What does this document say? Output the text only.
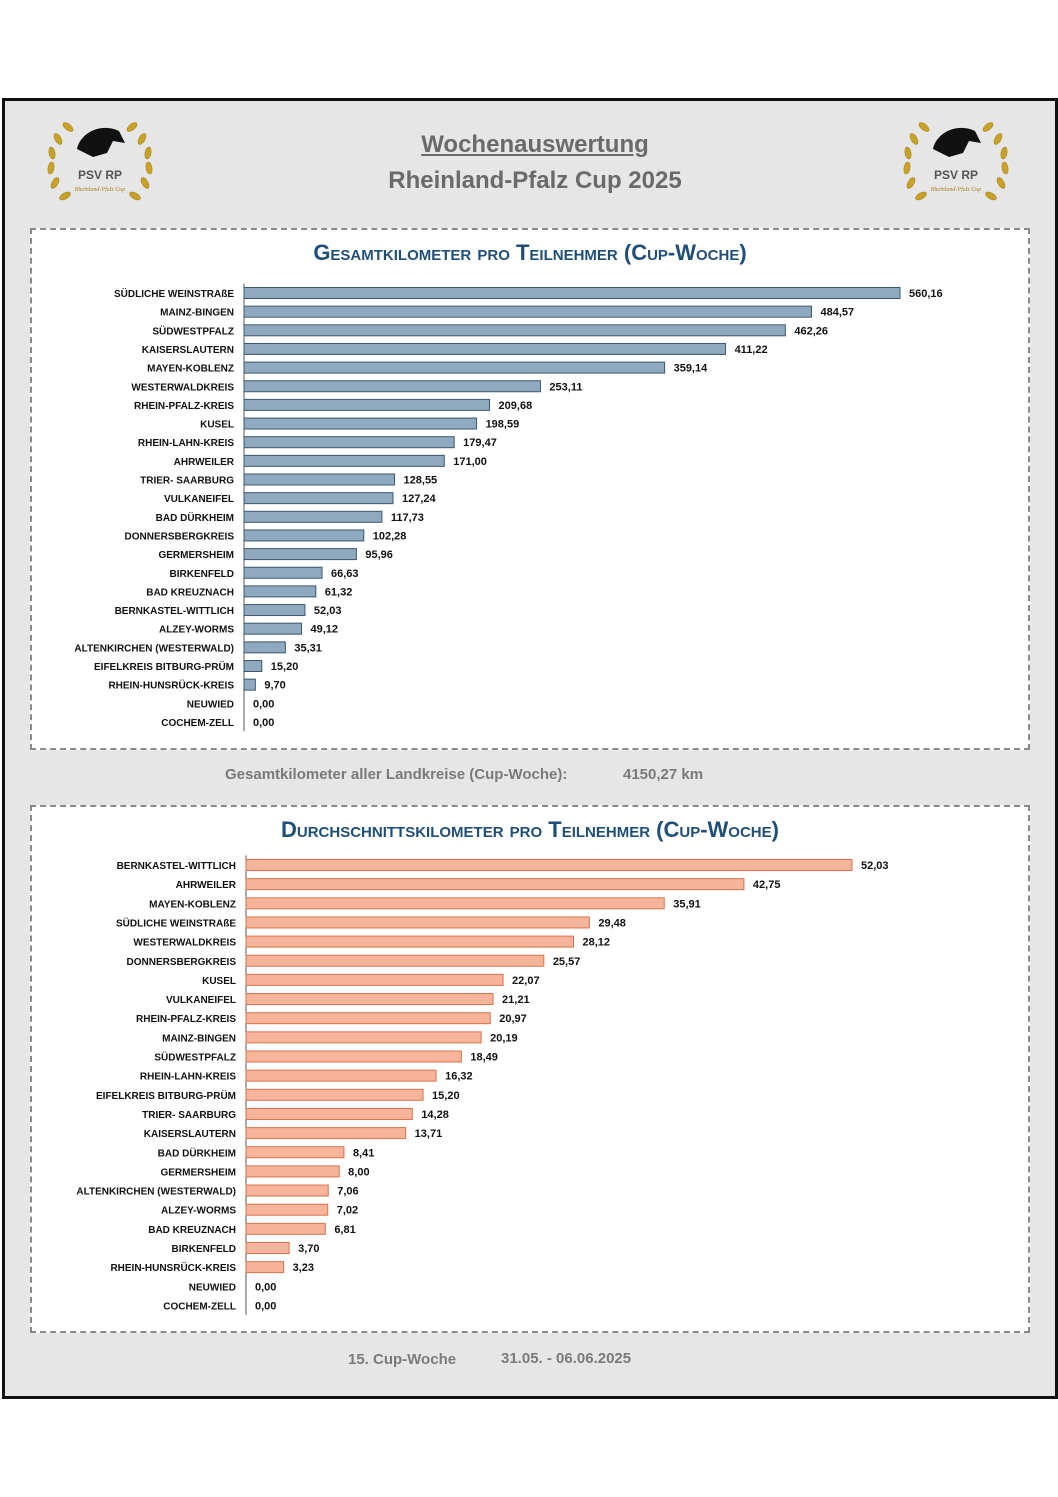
PSV RP
Rheinland-Pfalz Cup
PSV RP
Rheinland-Pfalz Cup
Wochenauswertung
Rheinland-Pfalz Cup 2025
Gesamtkilometer pro Teilnehmer (Cup-Woche)
SÜDLICHE WEINSTRAßE	560,16
MAINZ-BINGEN	484,57
SÜDWESTPFALZ	462,26
KAISERSLAUTERN	411,22
MAYEN-KOBLENZ	359,14
WESTERWALDKREIS	253,11
RHEIN-PFALZ-KREIS	209,68
KUSEL	198,59
RHEIN-LAHN-KREIS	179,47
AHRWEILER	171,00
TRIER- SAARBURG	128,55
VULKANEIFEL	127,24
BAD DÜRKHEIM	117,73
DONNERSBERGKREIS	102,28
GERMERSHEIM	95,96
BIRKENFELD	66,63
BAD KREUZNACH	61,32
BERNKASTEL-WITTLICH	52,03
ALZEY-WORMS	49,12
ALTENKIRCHEN (WESTERWALD)	35,31
EIFELKREIS BITBURG-PRÜM	15,20
RHEIN-HUNSRÜCK-KREIS	9,70
NEUWIED 0,00
COCHEM-ZELL 0,00
Gesamtkilometer aller Landkreise (Cup-Woche):	4150,27 km
Durchschnittskilometer pro Teilnehmer (Cup-Woche)
BERNKASTEL-WITTLICH	52,03
AHRWEILER	42,75
MAYEN-KOBLENZ	35,91
SÜDLICHE WEINSTRAßE	29,48
WESTERWALDKREIS	28,12
DONNERSBERGKREIS	25,57
KUSEL	22,07
VULKANEIFEL	21,21
RHEIN-PFALZ-KREIS	20,97
MAINZ-BINGEN	20,19
SÜDWESTPFALZ	18,49
RHEIN-LAHN-KREIS	16,32
EIFELKREIS BITBURG-PRÜM	15,20
TRIER- SAARBURG	14,28
KAISERSLAUTERN	13,71
BAD DÜRKHEIM	8,41
GERMERSHEIM	8,00
ALTENKIRCHEN (WESTERWALD)	7,06
ALZEY-WORMS	7,02
BAD KREUZNACH	6,81
BIRKENFELD	3,70
RHEIN-HUNSRÜCK-KREIS	3,23
NEUWIED 0,00
COCHEM-ZELL 0,00
15. Cup-Woche	31.05. - 06.06.2025
